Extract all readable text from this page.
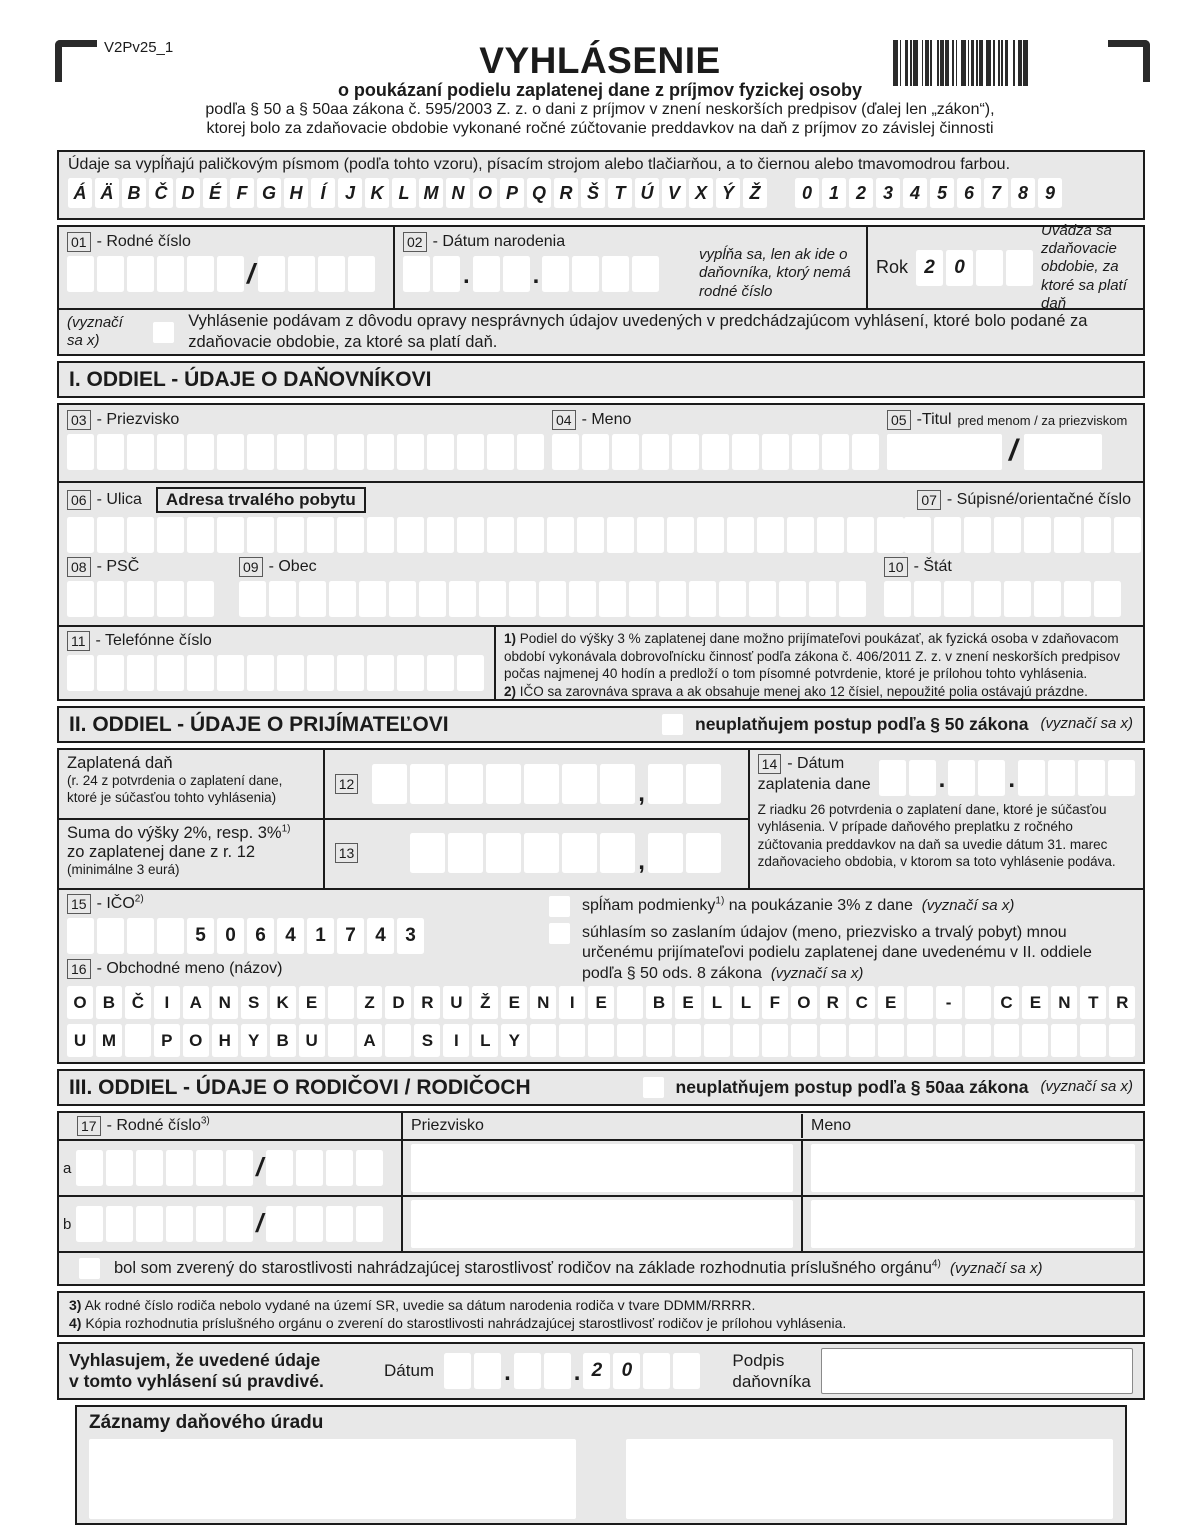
V2Pv25_1	VYHLÁSENIE
o poukázaní podielu zaplatenej dane z príjmov fyzickej osoby
podľa § 50 a § 50aa zákona č. 595/2003 Z. z. o dani z príjmov v znení neskorších predpisov (ďalej len „zákon“),
ktorej bolo za zdaňovacie obdobie vykonané ročné zúčtovanie preddavkov na daň z príjmov zo závislej činnosti
Údaje sa vypĺňajú paličkovým písmom (podľa tohto vzoru), písacím strojom alebo tlačiarňou, a to čiernou alebo tmavomodrou farbou.
Á Ä B Č D É F G H Í	J K L M N O P Q R Š T Ú V X Ý Ž	0 1 2 3 4 5 6 7 8 9
01 - Rodné číslo
/
02 - Dátum narodenia
.	.
vypĺňa sa, len ak ide o daňovníka, ktorý nemá rodné číslo
Rok 2	0
Uvádza sa zdaňovacie obdobie, za ktoré sa platí daň
(vyznačí sa x)
Vyhlásenie podávam z dôvodu opravy nesprávnych údajov uvedených v predchádzajúcom vyhlásení, ktoré bolo podané za zdaňovacie obdobie, za ktoré sa platí daň.
I. ODDIEL - ÚDAJE O DAŇOVNÍKOVI
03 - Priezvisko	04 - Meno	05 -Titul pred menom / za priezviskom
/
06 - Ulica	Adresa trvalého pobytu	07 - Súpisné/orientačné číslo
08 - PSČ	09 - Obec	10 - Štát
11 - Telefónne číslo	1) Podiel do výšky 3 % zaplatenej dane možno prijímateľovi poukázať, ak fyzická osoba v zdaňovacom období vykonávala dobrovoľnícku činnosť podľa zákona č. 406/2011 Z. z. v znení neskorších predpisov počas najmenej 40 hodín a predloží o tom písomné potvrdenie, ktoré je prílohou tohto vyhlásenia.
2) IČO sa zarovnáva sprava a ak obsahuje menej ako 12 čísiel, nepoužité polia ostávajú prázdne.
II. ODDIEL - ÚDAJE O PRIJÍMATEĽOVI	neuplatňujem postup podľa § 50 zákona (vyznačí sa x)
Zaplatená daň
(r. 24 z potvrdenia o zaplatení dane, ktoré je súčasťou tohto vyhlásenia)
Suma do výšky 2%, resp. 3%$^{1)}$
zo zaplatenej dane z r. 12
(minimálne 3 eurá)
12	,
13	,
14 - Dátum
zaplatenia dane	.	.
Z riadku 26 potvrdenia o zaplatení dane, ktoré je súčasťou vyhlásenia. V prípade daňového preplatku z ročného zúčtovania preddavkov na daň sa uvedie dátum 31. marec zdaňovacieho obdobia, v ktorom sa toto vyhlásenie podáva.
15 - IČO$^{2)}$
5	0	6	4	1	7	4	3
16 - Obchodné meno (názov)
spĺňam podmienky$^{1)}$ na poukázanie 3% z dane (vyznačí sa x)
súhlasím so zaslaním údajov (meno, priezvisko a trvalý pobyt) mnou určenému prijímateľovi podielu zaplatenej dane uvedenému v II. oddiele podľa § 50 ods. 8 zákona (vyznačí sa x)
O B Č	I	A N	S	K	E	Z	D R U	Ž	E	N	I	E	B	E	L	L	F	O R C	E	-	C	E	N	T	R
U M	P O H	Y	B U	A	S	I	L	Y
III. ODDIEL - ÚDAJE O RODIČOVI / RODIČOCH	neuplatňujem postup podľa § 50aa zákona (vyznačí sa x)
17 - Rodné číslo$^{3)}$	Priezvisko	Meno
a	/
b	/
bol som zverený do starostlivosti nahrádzajúcej starostlivosť rodičov na základe rozhodnutia príslušného orgánu$^{4)}$ (vyznačí sa x)
3) Ak rodné číslo rodiča nebolo vydané na území SR, uvedie sa dátum narodenia rodiča v tvare DDMM/RRRR.
4) Kópia rozhodnutia príslušného orgánu o zverení do starostlivosti nahrádzajúcej starostlivosť rodičov je prílohou vyhlásenia.
Vyhlasujem, že uvedené údaje
v tomto vyhlásení sú pravdivé.
Dátum	.	. 2	0	Podpis
daňovníka
Záznamy daňového úradu
